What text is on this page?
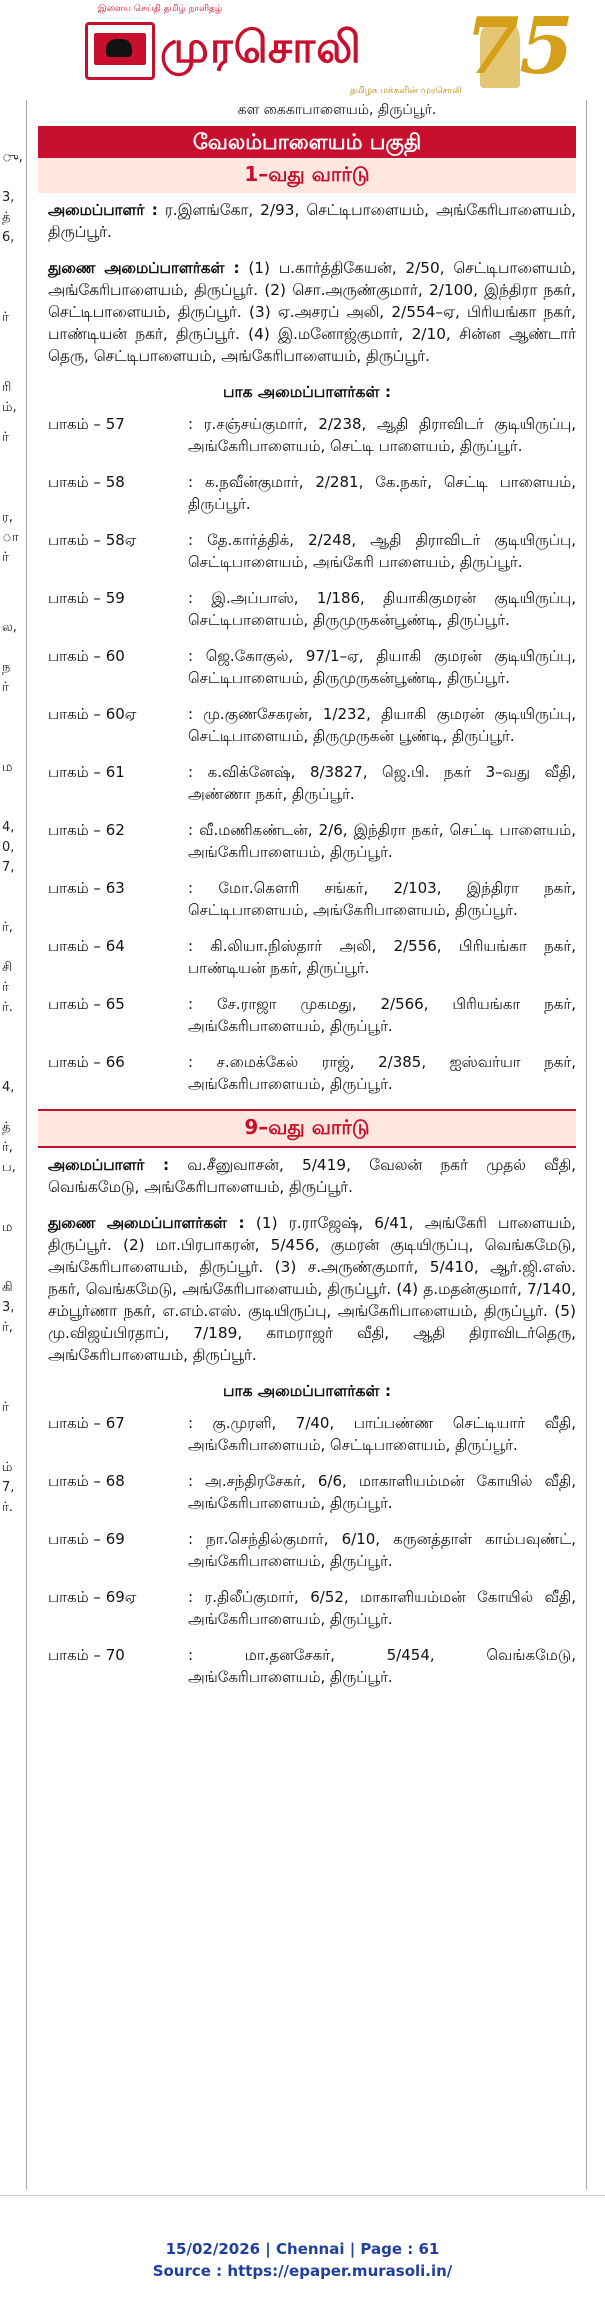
இளைய செய்தி தமிழ் நாளிதழ்
முரசொலி
தமிழக மக்களின் முரசொலி 75
ு,
3,
த்
6,
ர்
ரி
ம்,
ர்
ர,
ா
ர்
ல,
ந
ர்
ம
4,
0,
7,
ர்,
சி
ர்
ர்.
4,
த்
ர்,
ப,
ம
கி
3,
ர்,
ர்
ம்
7,
ர்.
கள கைகாபாளையம், திருப்பூர்.
வேலம்பாளையம் பகுதி
1–வது வார்டு
அமைப்பாளர் : ர.இளங்கோ, 2/93, செட்டிபாளையம், அங்கேரிபாளையம், திருப்பூர்.
துணை அமைப்பாளர்கள் : (1) ப.கார்த்திகேயன், 2/50, செட்டிபாளையம், அங்கேரிபாளையம், திருப்பூர். (2) சொ.அருண்குமார், 2/100, இந்திரா நகர், செட்டிபாளையம், திருப்பூர். (3) ஏ.அசரப் அலி, 2/554–ஏ, பிரியங்கா நகர், பாண்டியன் நகர், திருப்பூர். (4) இ.மனோஜ்குமார், 2/10, சின்ன ஆண்டார் தெரு, செட்டிபாளையம், அங்கேரிபாளையம், திருப்பூர்.
பாக அமைப்பாளர்கள் :
பாகம் – 57	: ர.சஞ்சய்குமார், 2/238, ஆதி திராவிடர் குடியிருப்பு, அங்கேரிபாளையம், செட்டி பாளையம், திருப்பூர்.
பாகம் – 58	: க.நவீன்குமார், 2/281, கே.நகர், செட்டி பாளையம், திருப்பூர்.
பாகம் – 58ஏ	: தே.கார்த்திக், 2/248, ஆதி திராவிடர் குடியிருப்பு, செட்டிபாளையம், அங்கேரி பாளையம், திருப்பூர்.
பாகம் – 59	: இ.அப்பாஸ், 1/186, தியாகிகுமரன் குடியிருப்பு, செட்டிபாளையம், திருமுருகன்பூண்டி, திருப்பூர்.
பாகம் – 60	: ஜெ.கோகுல், 97/1–ஏ, தியாகி குமரன் குடியிருப்பு, செட்டிபாளையம், திருமுருகன்பூண்டி, திருப்பூர்.
பாகம் – 60ஏ	: மு.குணசேகரன், 1/232, தியாகி குமரன் குடியிருப்பு, செட்டிபாளையம், திருமுருகன் பூண்டி, திருப்பூர்.
பாகம் – 61	: க.விக்னேஷ், 8/3827, ஜெ.பி. நகர் 3–வது வீதி, அண்ணா நகர், திருப்பூர்.
பாகம் – 62	: வீ.மணிகண்டன், 2/6, இந்திரா நகர், செட்டி பாளையம், அங்கேரிபாளையம், திருப்பூர்.
பாகம் – 63	: மோ.கௌரி சங்கர், 2/103, இந்திரா நகர், செட்டிபாளையம், அங்கேரிபாளையம், திருப்பூர்.
பாகம் – 64	: கி.லியா.நிஸ்தார் அலி, 2/556, பிரியங்கா நகர், பாண்டியன் நகர், திருப்பூர்.
பாகம் – 65	: சே.ராஜா முகமது, 2/566, பிரியங்கா நகர், அங்கேரிபாளையம், திருப்பூர்.
பாகம் – 66	: ச.மைக்கேல் ராஜ், 2/385, ஐஸ்வர்யா நகர், அங்கேரிபாளையம், திருப்பூர்.
9–வது வார்டு
அமைப்பாளர் : வ.சீனுவாசன், 5/419, வேலன் நகர் முதல் வீதி, வெங்கமேடு, அங்கேரிபாளையம், திருப்பூர்.
துணை அமைப்பாளர்கள் : (1) ர.ராஜேஷ், 6/41, அங்கேரி பாளையம், திருப்பூர். (2) மா.பிரபாகரன், 5/456, குமரன் குடியிருப்பு, வெங்கமேடு, அங்கேரிபாளையம், திருப்பூர். (3) ச.அருண்குமார், 5/410, ஆர்.ஜி.எஸ். நகர், வெங்கமேடு, அங்கேரிபாளையம், திருப்பூர். (4) த.மதன்குமார், 7/140, சம்பூர்ணா நகர், எ.எம்.எஸ். குடியிருப்பு, அங்கேரிபாளையம், திருப்பூர். (5) மு.விஜய்பிரதாப், 7/189, காமராஜர் வீதி, ஆதி திராவிடர்தெரு, அங்கேரிபாளையம், திருப்பூர்.
பாக அமைப்பாளர்கள் :
பாகம் – 67	: கு.முரளி, 7/40, பாப்பண்ண செட்டியார் வீதி, அங்கேரிபாளையம், செட்டிபாளையம், திருப்பூர்.
பாகம் – 68	: அ.சந்திரசேகர், 6/6, மாகாளியம்மன் கோயில் வீதி, அங்கேரிபாளையம், திருப்பூர்.
பாகம் – 69	: நா.செந்தில்குமார், 6/10, கருனத்தாள் காம்பவுண்ட், அங்கேரிபாளையம், திருப்பூர்.
பாகம் – 69ஏ	: ர.திலீப்குமார், 6/52, மாகாளியம்மன் கோயில் வீதி, அங்கேரிபாளையம், திருப்பூர்.
பாகம் – 70	: மா.தனசேகர், 5/454, வெங்கமேடு, அங்கேரிபாளையம், திருப்பூர்.
15/02/2026 | Chennai | Page : 61
Source : https://epaper.murasoli.in/
